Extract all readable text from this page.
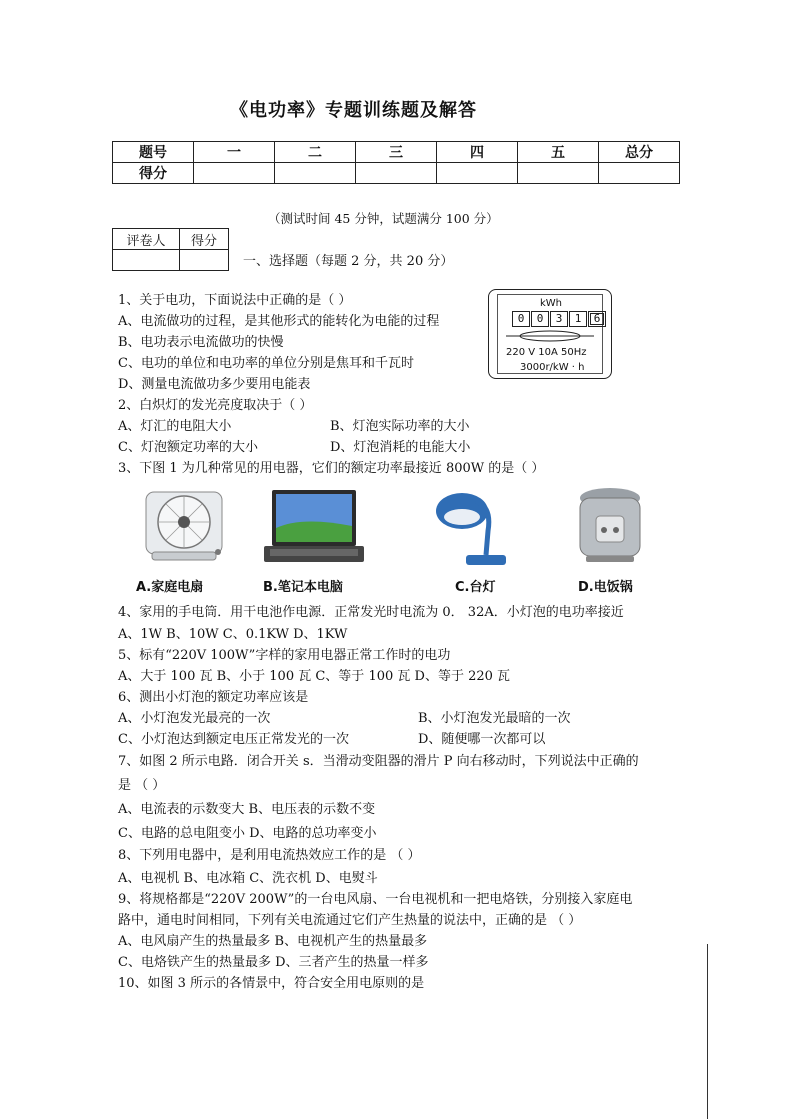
《电功率》专题训练题及解答
题号	一	二	三	四	五	总分
得分						
（测试时间 45 分钟，试题满分 100 分）
评卷人	得分

一、选择题（每题 2 分，共 20 分）
kWh
0	0	3	1	6
220 V 10A 50Hz
3000r/kW · h
1、关于电功，下面说法中正确的是（ ）
A、电流做功的过程，是其他形式的能转化为电能的过程
B、电功表示电流做功的快慢
C、电功的单位和电功率的单位分别是焦耳和千瓦时
D、测量电流做功多少要用电能表
2、白炽灯的发光亮度取决于（ ）
A、灯汇的电阻大小	B、灯泡实际功率的大小
C、灯泡额定功率的大小	D、灯泡消耗的电能大小
3、下图 1 为几种常见的用电器，它们的额定功率最接近 800W 的是（ ）
A.家庭电扇	B.笔记本电脑	C.台灯	D.电饭锅
4、家用的手电筒．用干电池作电源．正常发光时电流为 0． 32A．小灯泡的电功率接近
A、1W B、10W C、0.1KW D、1KW
5、标有“220V 100W”字样的家用电器正常工作时的电功
A、大于 100 瓦 B、小于 100 瓦 C、等于 100 瓦 D、等于 220 瓦
6、测出小灯泡的额定功率应该是
A、小灯泡发光最亮的一次	B、小灯泡发光最暗的一次
C、小灯泡达到额定电压正常发光的一次	D、随便哪一次都可以
7、如图 2 所示电路．闭合开关 s．当滑动变阻器的滑片 P 向右移动时，下列说法中正确的
是 （ ）
A、电流表的示数变大 B、电压表的示数不变
C、电路的总电阻变小 D、电路的总功率变小
8、下列用电器中，是利用电流热效应工作的是 （ ）
A、电视机 B、电冰箱 C、洗衣机 D、电熨斗
9、将规格都是“220V 200W”的一台电风扇、一台电视机和一把电烙铁，分别接入家庭电
路中，通电时间相同，下列有关电流通过它们产生热量的说法中，正确的是 （ ）
A、电风扇产生的热量最多 B、电视机产生的热量最多
C、电烙铁产生的热量最多 D、三者产生的热量一样多
10、如图 3 所示的各情景中，符合安全用电原则的是
